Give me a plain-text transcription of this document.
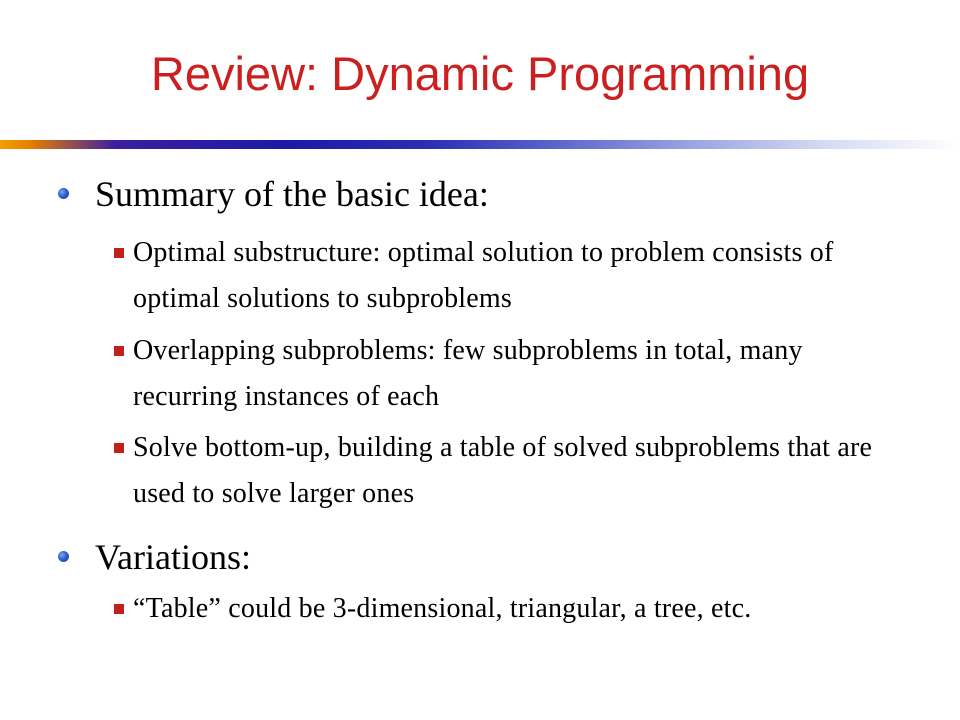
Review: Dynamic Programming
Summary of the basic idea:
Optimal substructure: optimal solution to problem consists of optimal solutions to subproblems
Overlapping subproblems: few subproblems in total, many recurring instances of each
Solve bottom-up, building a table of solved subproblems that are used to solve larger ones
Variations:
“Table” could be 3-dimensional, triangular, a tree, etc.
